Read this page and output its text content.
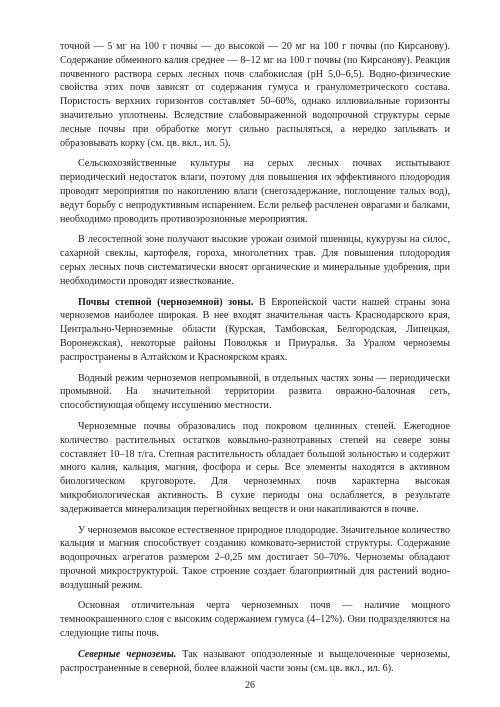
точной — 5 мг на 100 г почвы — до высокой — 20 мг на 100 г почвы (по Кирсанову). Содержание обменного калия среднее — 8–12 мг на 100 г почвы (по Кирсанову). Реакция почвенного раствора серых лесных почв слабокислая (pH 5,0–6,5). Водно-физические свойства этих почв зависят от содержания гумуса и гранулометрического состава. Пористость верхних горизонтов составляет 50–60%, однако иллювиальные горизонты значительно уплотнены. Вследствие слабовыраженной водопрочной структуры серые лесные почвы при обработке могут сильно распыляться, а нередко заплывать и образовывать корку (см. цв. вкл., ил. 5).

Сельскохозяйственные культуры на серых лесных почвах испытывают периодический недостаток влаги, поэтому для повышения их эффективного плодородия проводят мероприятия по накоплению влаги (снегозадержание, поглощение талых вод), ведут борьбу с непродуктивным испарением. Если рельеф расчленен оврагами и балками, необходимо проводить противоэрозионные мероприятия.

В лесостепной зоне получают высокие урожаи озимой пшеницы, кукурузы на силос, сахарной свеклы, картофеля, гороха, многолетних трав. Для повышения плодородия серых лесных почв систематически вносят органические и минеральные удобрения, при необходимости проводят известкование.

Почвы степной (черноземной) зоны. В Европейской части нашей страны зона черноземов наиболее широкая. В нее входят значительная часть Краснодарского края, Центрально-Черноземные области (Курская, Тамбовская, Белгородская, Липецкая, Воронежская), некоторые районы Поволжья и Приуралья. За Уралом черноземы распространены в Алтайском и Красноярском краях.

Водный режим черноземов непромывной, в отдельных частях зоны — периодически промывной. На значительной территории развита овражно-балочная сеть, способствующая общему иссушению местности.

Черноземные почвы образовались под покровом целинных степей. Ежегодное количество растительных остатков ковыльно-разнотравных степей на севере зоны составляет 10–18 т/га. Степная растительность обладает большой зольностью и содержит много калия, кальция, магния, фосфора и серы. Все элементы находятся в активном биологическом круговороте. Для черноземных почв характерна высокая микробиологическая активность. В сухие периоды она ослабляется, в результате задерживается минерализация перегнойных веществ и они накапливаются в почве.

У черноземов высокое естественное природное плодородие. Значительное количество кальция и магния способствует созданию комковато-зернистой структуры. Содержание водопрочных агрегатов размером 2–0,25 мм достигает 50–70%. Черноземы обладают прочной микроструктурой. Такое строение создает благоприятный для растений водно-воздушный режим.

Основная отличительная черта черноземных почв — наличие мощного темноокрашенного слоя с высоким содержанием гумуса (4–12%). Они подразделяются на следующие типы почв.

Северные черноземы. Так называют оподзоленные и выщелоченные черноземы, распространенные в северной, более влажной части зоны (см. цв. вкл., ил. 6).

26
